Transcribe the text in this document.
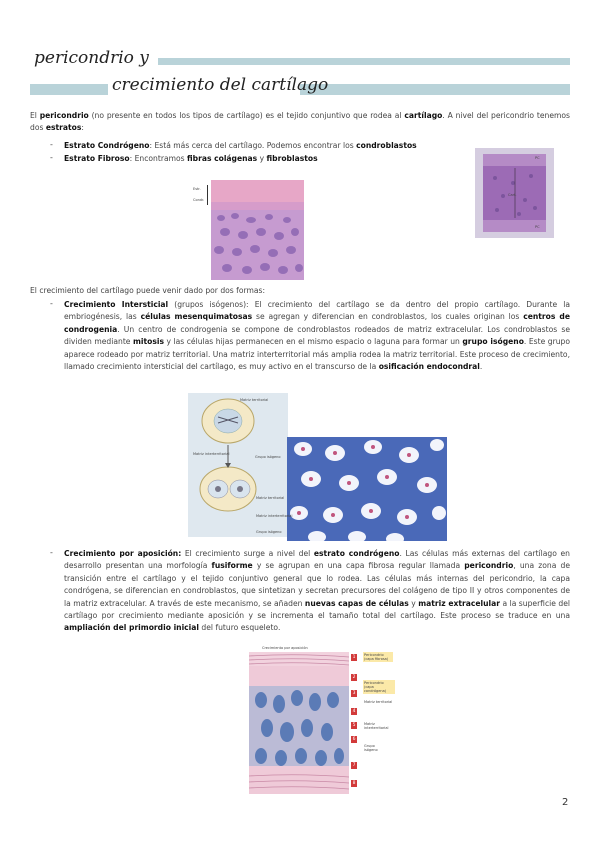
pericondrio y
crecimiento del cartílago
El pericondrio (no presente en todos los tipos de cartílago) es el tejido conjuntivo que rodea al cartílago. A nivel del pericondrio tenemos dos estratos:
- Estrato Condrógeno: Está más cerca del cartílago. Podemos encontrar los condroblastos
- Estrato Fibroso: Encontramos fibras colágenas y fibroblastos
Estr.
Condr.
PC
Cart.
PC
El crecimiento del cartílago puede venir dado por dos formas:
- Crecimiento Intersticial (grupos isógenos): El crecimiento del cartílago se da dentro del propio cartílago. Durante la embriogénesis, las células mesenquimatosas se agregan y diferencian en condroblastos, los cuales originan los centros de condrogenia. Un centro de condrogenia se compone de condroblastos rodeados de matriz extracelular. Los condroblastos se dividen mediante mitosis y las células hijas permanecen en el mismo espacio o laguna para formar un grupo isógeno. Este grupo aparece rodeado por matriz territorial. Una matriz interterritorial más amplia rodea la matriz territorial. Este proceso de crecimiento, llamado crecimiento intersticial del cartílago, es muy activo en el transcurso de la osificación endocondral.
Matriz territorial
Matriz interterritorial
Grupo isógeno
Matriz territorial
Matriz interterritorial
Grupo isógeno
- Crecimiento por aposición: El crecimiento surge a nivel del estrato condrógeno. Las células más externas del cartílago en desarrollo presentan una morfología fusiforme y se agrupan en una capa fibrosa regular llamada pericondrio, una zona de transición entre el cartílago y el tejido conjuntivo general que lo rodea. Las células más internas del pericondrio, la capa condrógena, se diferencian en condroblastos, que sintetizan y secretan precursores del colágeno de tipo II y otros componentes de la matriz extracelular. A través de este mecanismo, se añaden nuevas capas de células y matriz extracelular a la superficie del cartílago por crecimiento mediante aposición y se incrementa el tamaño total del cartílago. Este proceso se traduce en una ampliación del primordio inicial del futuro esqueleto.
Crecimiento por aposición
1
2
3
4
5
6
7
8
Pericondrio (capa fibrosa)
Pericondrio (capa condrógena)
Matriz territorial
Matriz interterritorial
Grupo isógeno
2
